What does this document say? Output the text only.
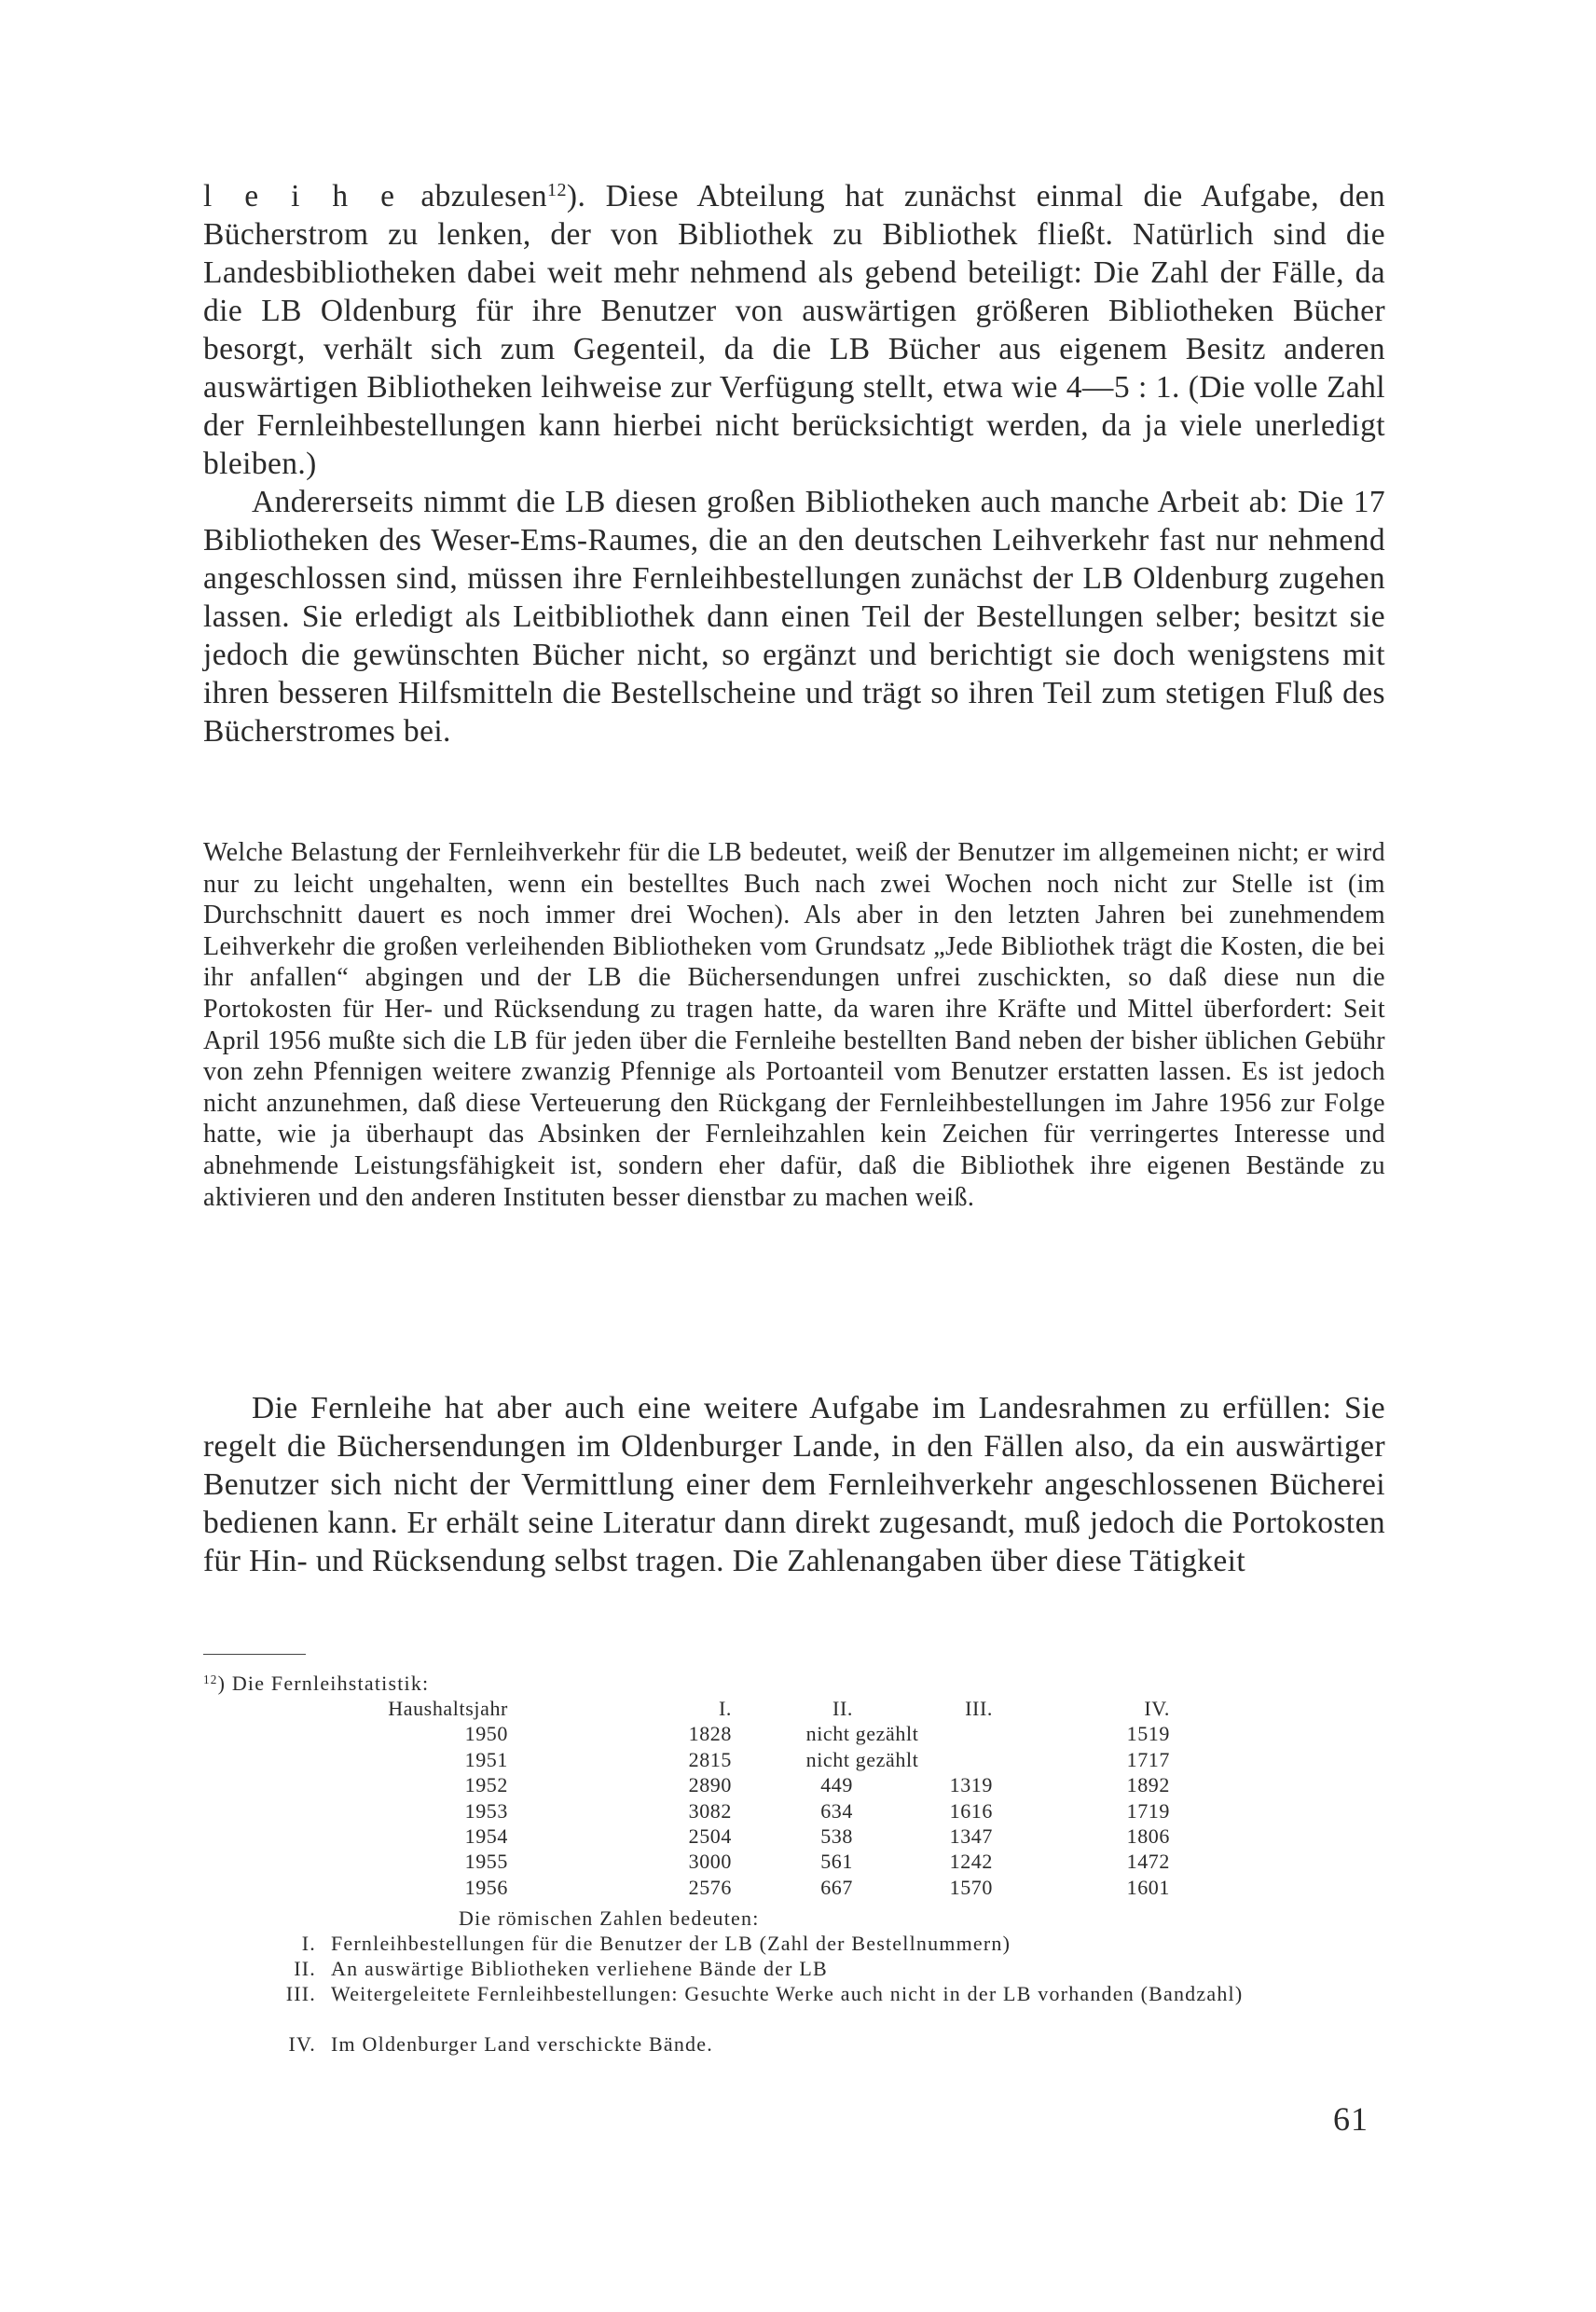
l e i h e abzulesen$^{12}$). Diese Abteilung hat zunächst einmal die Aufgabe, den Bücherstrom zu lenken, der von Bibliothek zu Bibliothek fließt. Natürlich sind die Landesbibliotheken dabei weit mehr nehmend als gebend beteiligt: Die Zahl der Fälle, da die LB Oldenburg für ihre Benutzer von auswärtigen größeren Bibliotheken Bücher besorgt, verhält sich zum Gegenteil, da die LB Bücher aus eigenem Besitz anderen auswärtigen Bibliotheken leihweise zur Verfügung stellt, etwa wie 4—5 : 1. (Die volle Zahl der Fernleihbestellungen kann hierbei nicht berücksichtigt werden, da ja viele unerledigt bleiben.)

Andererseits nimmt die LB diesen großen Bibliotheken auch manche Arbeit ab: Die 17 Bibliotheken des Weser-Ems-Raumes, die an den deutschen Leihverkehr fast nur nehmend angeschlossen sind, müssen ihre Fernleihbestellungen zunächst der LB Oldenburg zugehen lassen. Sie erledigt als Leitbibliothek dann einen Teil der Bestellungen selber; besitzt sie jedoch die gewünschten Bücher nicht, so ergänzt und berichtigt sie doch wenigstens mit ihren besseren Hilfsmitteln die Bestellscheine und trägt so ihren Teil zum stetigen Fluß des Bücherstromes bei.

Welche Belastung der Fernleihverkehr für die LB bedeutet, weiß der Benutzer im allgemeinen nicht; er wird nur zu leicht ungehalten, wenn ein bestelltes Buch nach zwei Wochen noch nicht zur Stelle ist (im Durchschnitt dauert es noch immer drei Wochen). Als aber in den letzten Jahren bei zunehmendem Leihverkehr die großen verleihenden Bibliotheken vom Grundsatz „Jede Bibliothek trägt die Kosten, die bei ihr anfallen“ abgingen und der LB die Büchersendungen unfrei zuschickten, so daß diese nun die Portokosten für Her- und Rücksendung zu tragen hatte, da waren ihre Kräfte und Mittel überfordert: Seit April 1956 mußte sich die LB für jeden über die Fernleihe bestellten Band neben der bisher üblichen Gebühr von zehn Pfennigen weitere zwanzig Pfennige als Portoanteil vom Benutzer erstatten lassen. Es ist jedoch nicht anzunehmen, daß diese Verteuerung den Rückgang der Fernleihbestellungen im Jahre 1956 zur Folge hatte, wie ja überhaupt das Absinken der Fernleihzahlen kein Zeichen für verringertes Interesse und abnehmende Leistungsfähigkeit ist, sondern eher dafür, daß die Bibliothek ihre eigenen Bestände zu aktivieren und den anderen Instituten besser dienstbar zu machen weiß.

Die Fernleihe hat aber auch eine weitere Aufgabe im Landesrahmen zu erfüllen: Sie regelt die Büchersendungen im Oldenburger Lande, in den Fällen also, da ein auswärtiger Benutzer sich nicht der Vermittlung einer dem Fernleihverkehr angeschlossenen Bücherei bedienen kann. Er erhält seine Literatur dann direkt zugesandt, muß jedoch die Portokosten für Hin- und Rücksendung selbst tragen. Die Zahlenangaben über diese Tätigkeit

$^{12}$) Die Fernleihstatistik:
Haushaltsjahr	I.	II.	III.	IV.
1950	1828	nicht gezählt		1519
1951	2815	nicht gezählt		1717
1952	2890	449	1319	1892
1953	3082	634	1616	1719
1954	2504	538	1347	1806
1955	3000	561	1242	1472
1956	2576	667	1570	1601
Die römischen Zahlen bedeuten:
I. Fernleihbestellungen für die Benutzer der LB (Zahl der Bestellnummern)
II. An auswärtige Bibliotheken verliehene Bände der LB
III. Weitergeleitete Fernleihbestellungen: Gesuchte Werke auch nicht in der LB vorhanden (Bandzahl)
IV. Im Oldenburger Land verschickte Bände.
61
